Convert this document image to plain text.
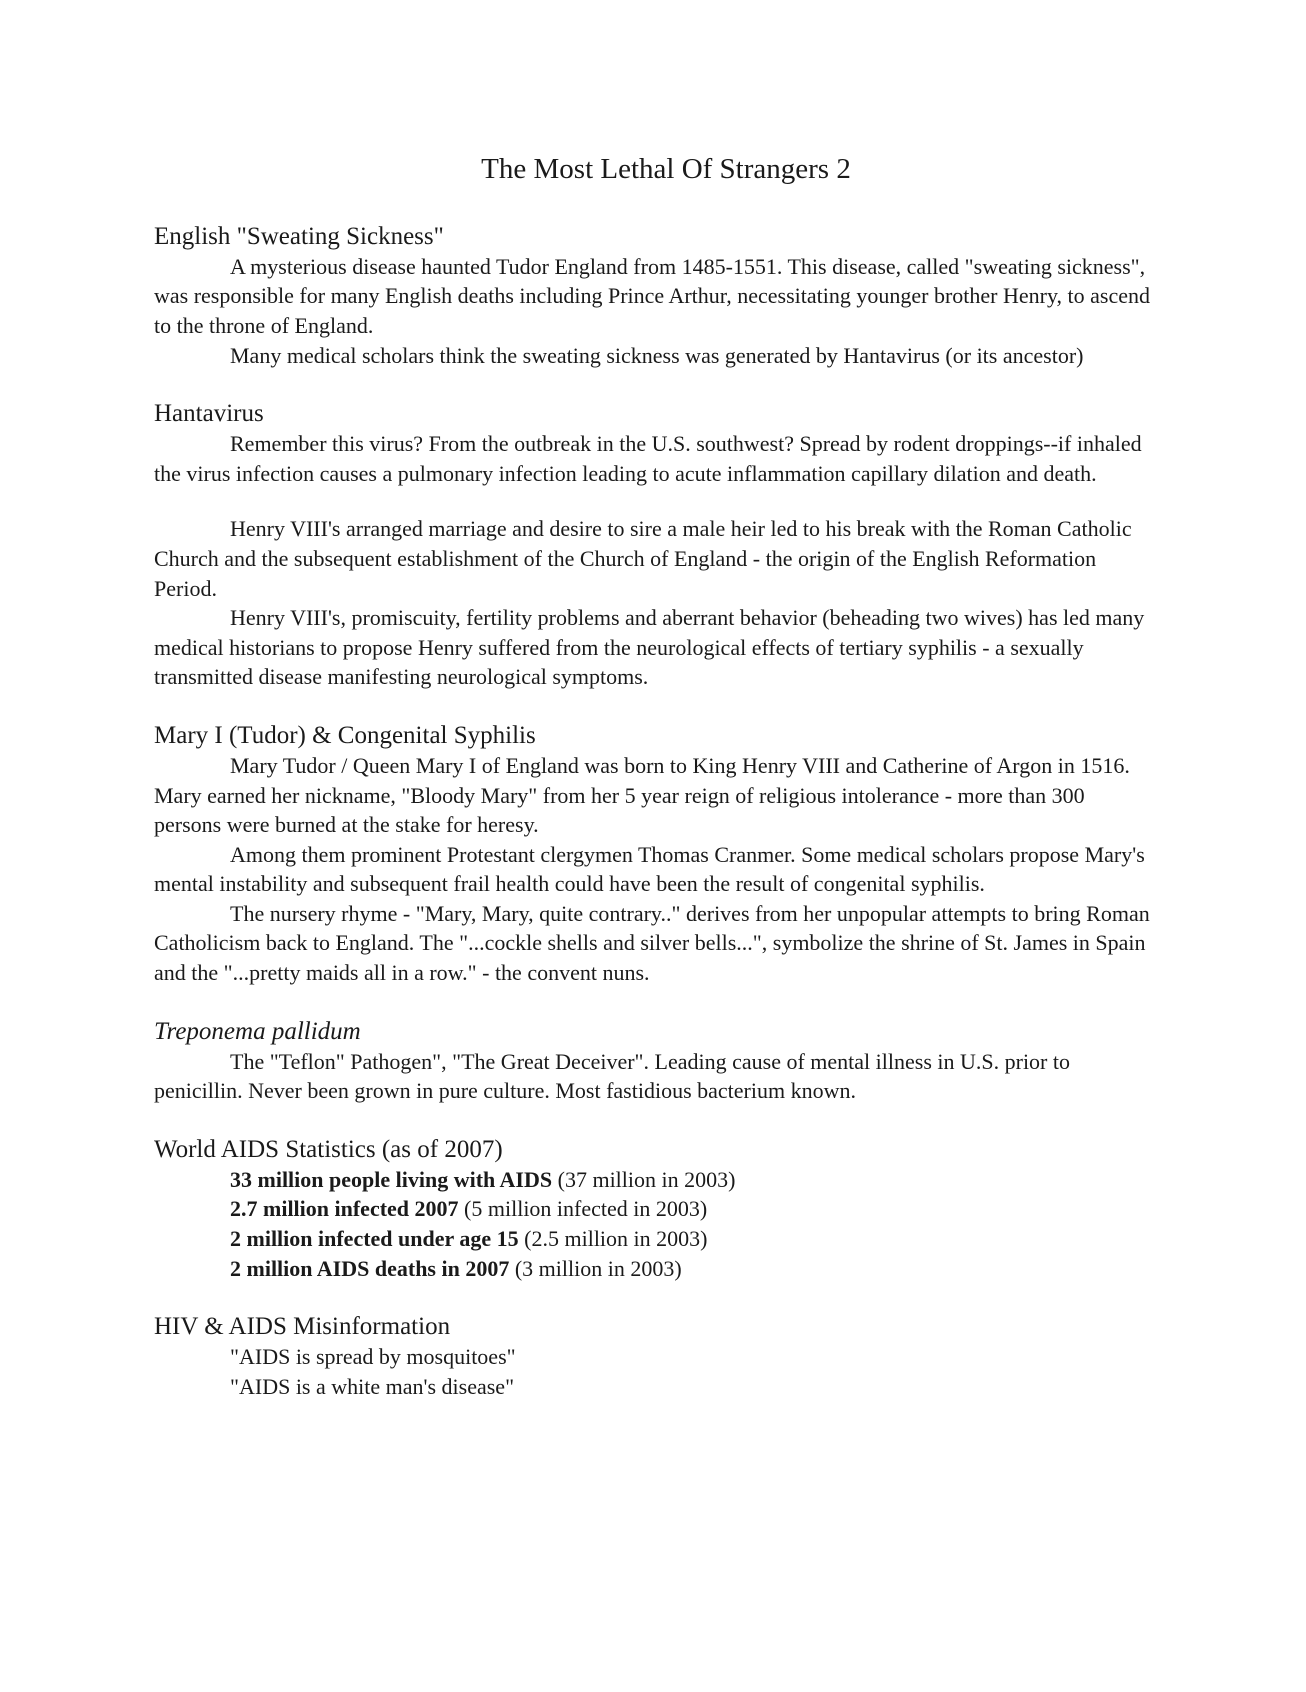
The Most Lethal Of Strangers 2
English "Sweating Sickness"

A mysterious disease haunted Tudor England from 1485-1551. This disease, called "sweating sickness", was responsible for many English deaths including Prince Arthur, necessitating younger brother Henry, to ascend to the throne of England.

Many medical scholars think the sweating sickness was generated by Hantavirus (or its ancestor)

Hantavirus

Remember this virus? From the outbreak in the U.S. southwest? Spread by rodent droppings--if inhaled the virus infection causes a pulmonary infection leading to acute inflammation capillary dilation and death.

Henry VIII's arranged marriage and desire to sire a male heir led to his break with the Roman Catholic Church and the subsequent establishment of the Church of England - the origin of the English Reformation Period.

Henry VIII's, promiscuity, fertility problems and aberrant behavior (beheading two wives) has led many medical historians to propose Henry suffered from the neurological effects of tertiary syphilis - a sexually transmitted disease manifesting neurological symptoms.

Mary I (Tudor) & Congenital Syphilis

Mary Tudor / Queen Mary I of England was born to King Henry VIII and Catherine of Argon in 1516. Mary earned her nickname, "Bloody Mary" from her 5 year reign of religious intolerance - more than 300 persons were burned at the stake for heresy.

Among them prominent Protestant clergymen Thomas Cranmer. Some medical scholars propose Mary's mental instability and subsequent frail health could have been the result of congenital syphilis.

The nursery rhyme - "Mary, Mary, quite contrary.." derives from her unpopular attempts to bring Roman Catholicism back to England. The "...cockle shells and silver bells...", symbolize the shrine of St. James in Spain and the "...pretty maids all in a row." - the convent nuns.

Treponema pallidum

The "Teflon" Pathogen", "The Great Deceiver". Leading cause of mental illness in U.S. prior to penicillin. Never been grown in pure culture. Most fastidious bacterium known.

World AIDS Statistics (as of 2007)
33 million people living with AIDS (37 million in 2003)
2.7 million infected 2007 (5 million infected in 2003)
2 million infected under age 15 (2.5 million in 2003)
2 million AIDS deaths in 2007 (3 million in 2003)
HIV & AIDS Misinformation
"AIDS is spread by mosquitoes"
"AIDS is a white man's disease"
